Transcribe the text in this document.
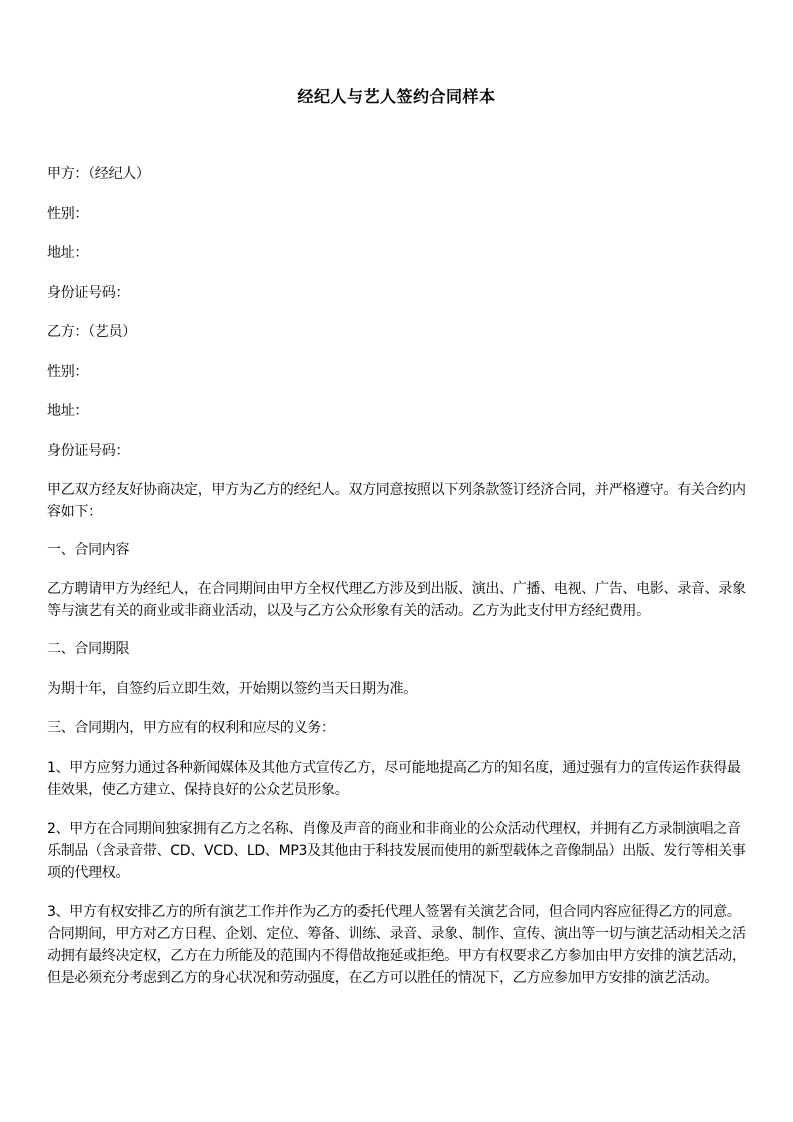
经纪人与艺人签约合同样本

甲方：（经纪人）

性别：

地址：

身份证号码：

乙方：（艺员）

性别：

地址：

身份证号码：

甲乙双方经友好协商决定，甲方为乙方的经纪人。双方同意按照以下列条款签订经济合同，并严格遵守。有关合约内容如下：

一、合同内容

乙方聘请甲方为经纪人，在合同期间由甲方全权代理乙方涉及到出版、演出、广播、电视、广告、电影、录音、录象等与演艺有关的商业或非商业活动，以及与乙方公众形象有关的活动。乙方为此支付甲方经纪费用。

二、合同期限

为期十年，自签约后立即生效，开始期以签约当天日期为准。

三、合同期内，甲方应有的权利和应尽的义务：

1、甲方应努力通过各种新闻媒体及其他方式宣传乙方，尽可能地提高乙方的知名度，通过强有力的宣传运作获得最佳效果，使乙方建立、保持良好的公众艺员形象。

2、甲方在合同期间独家拥有乙方之名称、肖像及声音的商业和非商业的公众活动代理权，并拥有乙方录制演唱之音乐制品（含录音带、CD、VCD、LD、MP3及其他由于科技发展而使用的新型载体之音像制品）出版、发行等相关事项的代理权。

3、甲方有权安排乙方的所有演艺工作并作为乙方的委托代理人签署有关演艺合同，但合同内容应征得乙方的同意。合同期间，甲方对乙方日程、企划、定位、筹备、训练、录音、录象、制作、宣传、演出等一切与演艺活动相关之活动拥有最终决定权，乙方在力所能及的范围内不得借故拖延或拒绝。甲方有权要求乙方参加由甲方安排的演艺活动，但是必须充分考虑到乙方的身心状况和劳动强度，在乙方可以胜任的情况下，乙方应参加甲方安排的演艺活动。
